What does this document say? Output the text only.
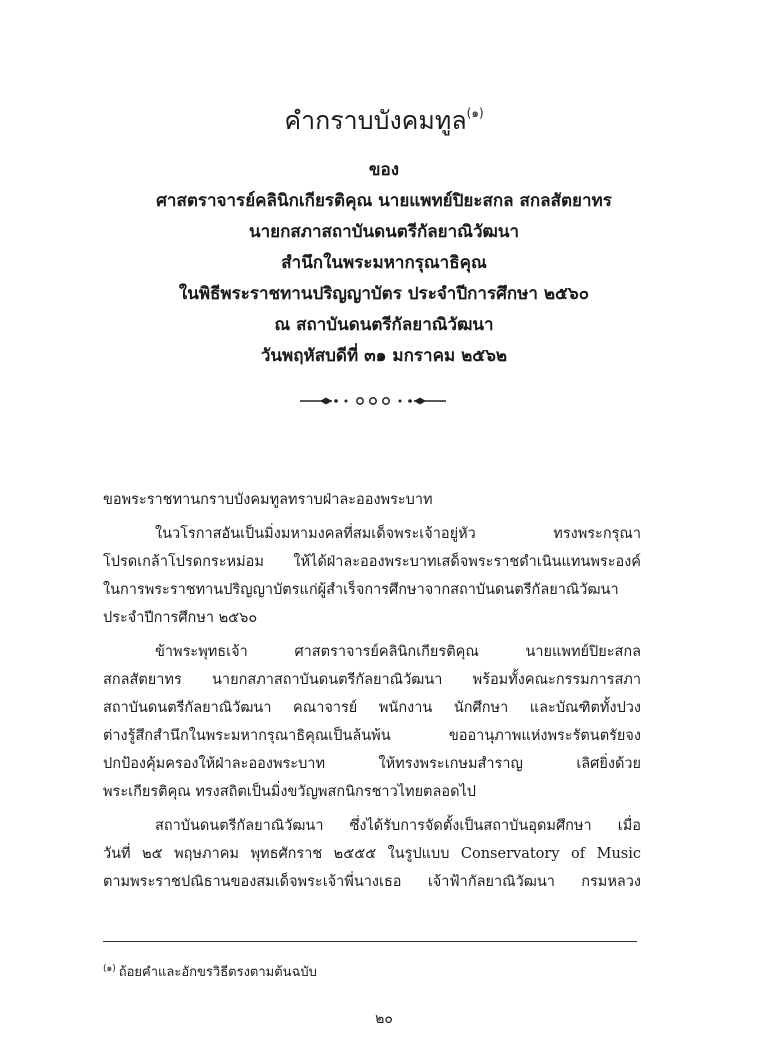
คำกราบบังคมทูล$^{(๑)}$
ของ
ศาสตราจารย์คลินิกเกียรติคุณ นายแพทย์ปิยะสกล สกลสัตยาทร
นายกสภาสถาบันดนตรีกัลยาณิวัฒนา
สำนึกในพระมหากรุณาธิคุณ
ในพิธีพระราชทานปริญญาบัตร ประจำปีการศึกษา ๒๕๖๐
ณ สถาบันดนตรีกัลยาณิวัฒนา
วันพฤหัสบดีที่ ๓๑ มกราคม ๒๕๖๒
ขอพระราชทานกราบบังคมทูลทราบฝ่าละอองพระบาท
ในวโรกาสอันเป็นมิ่งมหามงคลที่สมเด็จพระเจ้าอยู่หัว ทรงพระกรุณา
โปรดเกล้าโปรดกระหม่อม ให้ได้ฝ่าละอองพระบาทเสด็จพระราชดำเนินแทนพระองค์
ในการพระราชทานปริญญาบัตรแก่ผู้สำเร็จการศึกษาจากสถาบันดนตรีกัลยาณิวัฒนา
ประจำปีการศึกษา ๒๕๖๐
ข้าพระพุทธเจ้า ศาสตราจารย์คลินิกเกียรติคุณ นายแพทย์ปิยะสกล
สกลสัตยาทร นายกสภาสถาบันดนตรีกัลยาณิวัฒนา พร้อมทั้งคณะกรรมการสภา
สถาบันดนตรีกัลยาณิวัฒนา คณาจารย์ พนักงาน นักศึกษา และบัณฑิตทั้งปวง
ต่างรู้สึกสำนึกในพระมหากรุณาธิคุณเป็นล้นพ้น ขออานุภาพแห่งพระรัตนตรัยจง
ปกป้องคุ้มครองให้ฝ่าละอองพระบาท ให้ทรงพระเกษมสำราญ เลิศยิ่งด้วย
พระเกียรติคุณ ทรงสถิตเป็นมิ่งขวัญพสกนิกรชาวไทยตลอดไป
สถาบันดนตรีกัลยาณิวัฒนา ซึ่งได้รับการจัดตั้งเป็นสถาบันอุดมศึกษา เมื่อ
วันที่ ๒๕ พฤษภาคม พุทธศักราช ๒๕๕๕ ในรูปแบบ Conservatory of Music
ตามพระราชปณิธานของสมเด็จพระเจ้าพี่นางเธอ เจ้าฟ้ากัลยาณิวัฒนา กรมหลวง
$^{(๑)}$ ถ้อยคำและอักขรวิธีตรงตามต้นฉบับ
๒๐
